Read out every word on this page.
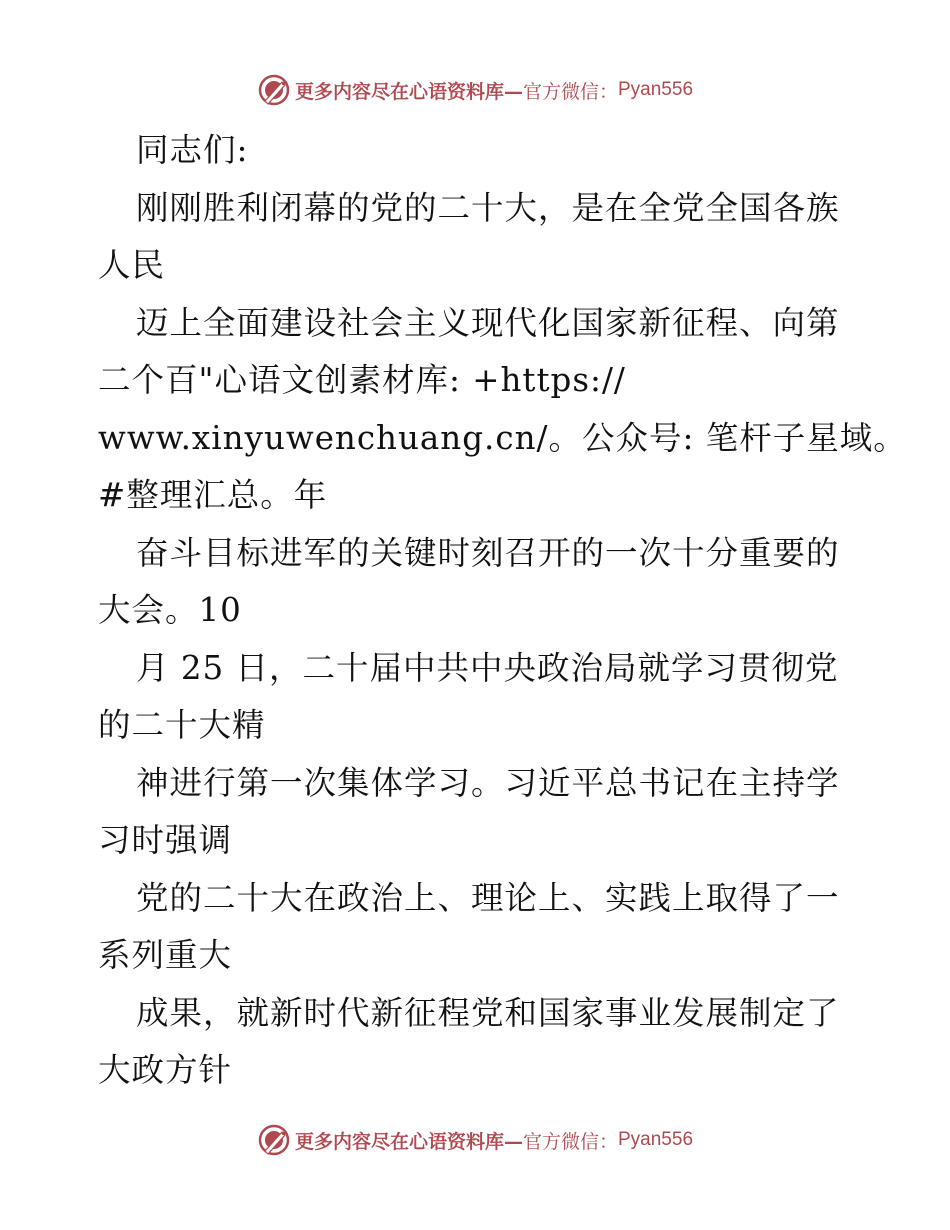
更多内容尽在心语资料库— 官方微信： Pyan556
同志们:
刚刚胜利闭幕的党的二十大，是在全党全国各族
人民
迈上全面建设社会主义现代化国家新征程、向第
二个百"心语文创素材库: +https://
www.xinyuwenchuang.cn/。公众号: 笔杆子星域。
#整理汇总。年
奋斗目标进军的关键时刻召开的一次十分重要的
大会。10
月 25 日，二十届中共中央政治局就学习贯彻党
的二十大精
神进行第一次集体学习。习近平总书记在主持学
习时强调
党的二十大在政治上、理论上、实践上取得了一
系列重大
成果，就新时代新征程党和国家事业发展制定了
大政方针
更多内容尽在心语资料库— 官方微信： Pyan556
